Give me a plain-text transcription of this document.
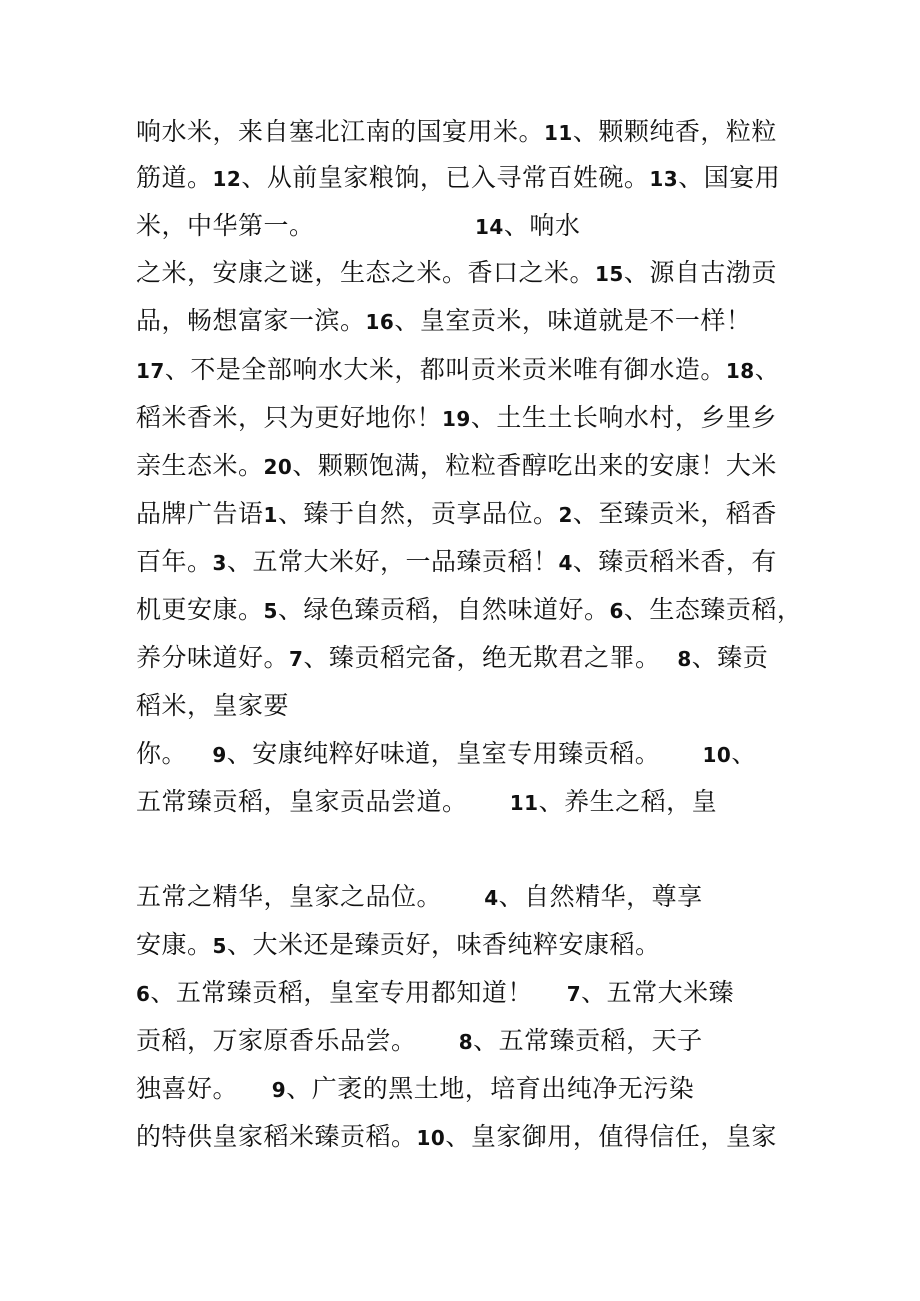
响水米，来自塞北江南的国宴用米。11、颗颗纯香，粒粒
筋道。12、从前皇家粮饷，已入寻常百姓碗。13、国宴用
米，中华第一。                   14、响水
之米，安康之谜，生态之米。香口之米。15、源自古渤贡
品，畅想富家一滨。16、皇室贡米，味道就是不一样！
17、不是全部响水大米，都叫贡米贡米唯有御水造。18、
稻米香米，只为更好地你！19、土生土长响水村，乡里乡
亲生态米。20、颗颗饱满，粒粒香醇吃出来的安康！大米
品牌广告语1、臻于自然，贡享品位。2、至臻贡米，稻香
百年。3、五常大米好，一品臻贡稻！4、臻贡稻米香，有
机更安康。5、绿色臻贡稻，自然味道好。6、生态臻贡稻，
养分味道好。7、臻贡稻完备，绝无欺君之罪。  8、臻贡
稻米，皇家要
你。   9、安康纯粹好味道，皇室专用臻贡稻。     10、
五常臻贡稻，皇家贡品尝道。     11、养生之稻，皇
五常之精华，皇家之品位。     4、自然精华，尊享
安康。5、大米还是臻贡好，味香纯粹安康稻。
6、五常臻贡稻，皇室专用都知道！    7、五常大米臻
贡稻，万家原香乐品尝。     8、五常臻贡稻，天子
独喜好。    9、广袤的黑土地，培育出纯净无污染
的特供皇家稻米臻贡稻。10、皇家御用，值得信任，皇家
